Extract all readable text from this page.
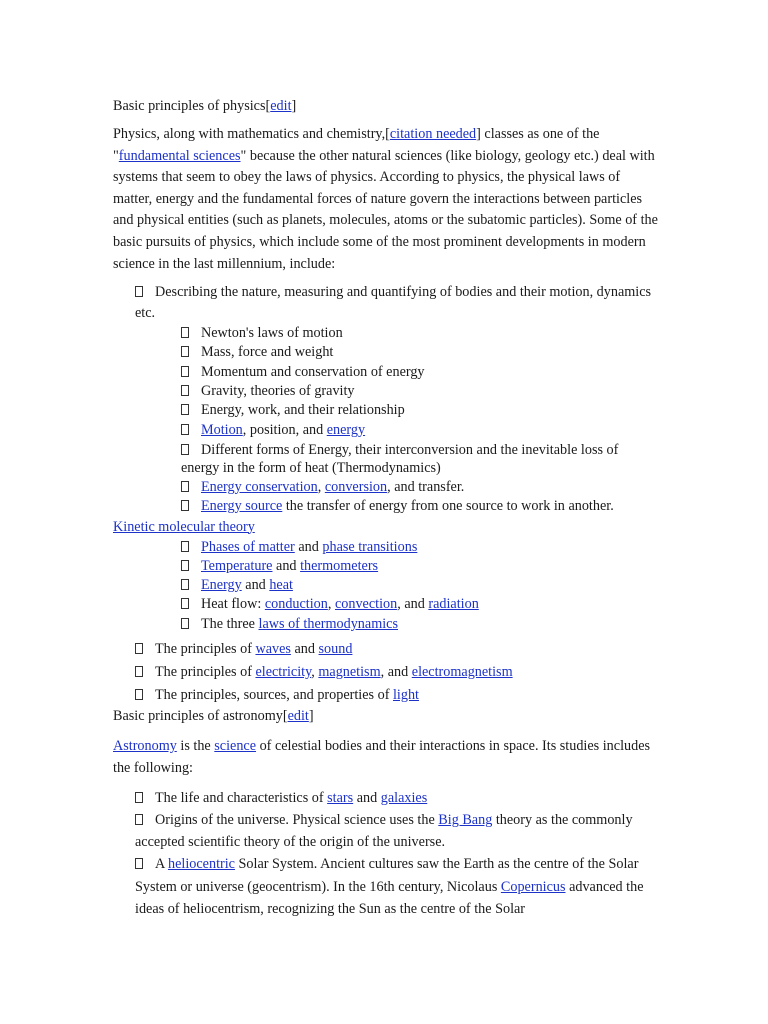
Basic principles of physics[edit]

Physics, along with mathematics and chemistry,[citation needed] classes as one of the "fundamental sciences" because the other natural sciences (like biology, geology etc.) deal with systems that seem to obey the laws of physics. According to physics, the physical laws of matter, energy and the fundamental forces of nature govern the interactions between particles and physical entities (such as planets, molecules, atoms or the subatomic particles). Some of the basic pursuits of physics, which include some of the most prominent developments in modern science in the last millennium, include:

Describing the nature, measuring and quantifying of bodies and their motion, dynamics etc.
Newton's laws of motion
Mass, force and weight
Momentum and conservation of energy
Gravity, theories of gravity
Energy, work, and their relationship
Motion, position, and energy
Different forms of Energy, their interconversion and the inevitable loss of energy in the form of heat (Thermodynamics)
Energy conservation, conversion, and transfer.
Energy source the transfer of energy from one source to work in another.
Kinetic molecular theory
Phases of matter and phase transitions
Temperature and thermometers
Energy and heat
Heat flow: conduction, convection, and radiation
The three laws of thermodynamics
The principles of waves and sound
The principles of electricity, magnetism, and electromagnetism
The principles, sources, and properties of light
Basic principles of astronomy[edit]

Astronomy is the science of celestial bodies and their interactions in space. Its studies includes the following:

The life and characteristics of stars and galaxies
Origins of the universe. Physical science uses the Big Bang theory as the commonly accepted scientific theory of the origin of the universe.
A heliocentric Solar System. Ancient cultures saw the Earth as the centre of the Solar System or universe (geocentrism). In the 16th century, Nicolaus Copernicus advanced the ideas of heliocentrism, recognizing the Sun as the centre of the Solar
